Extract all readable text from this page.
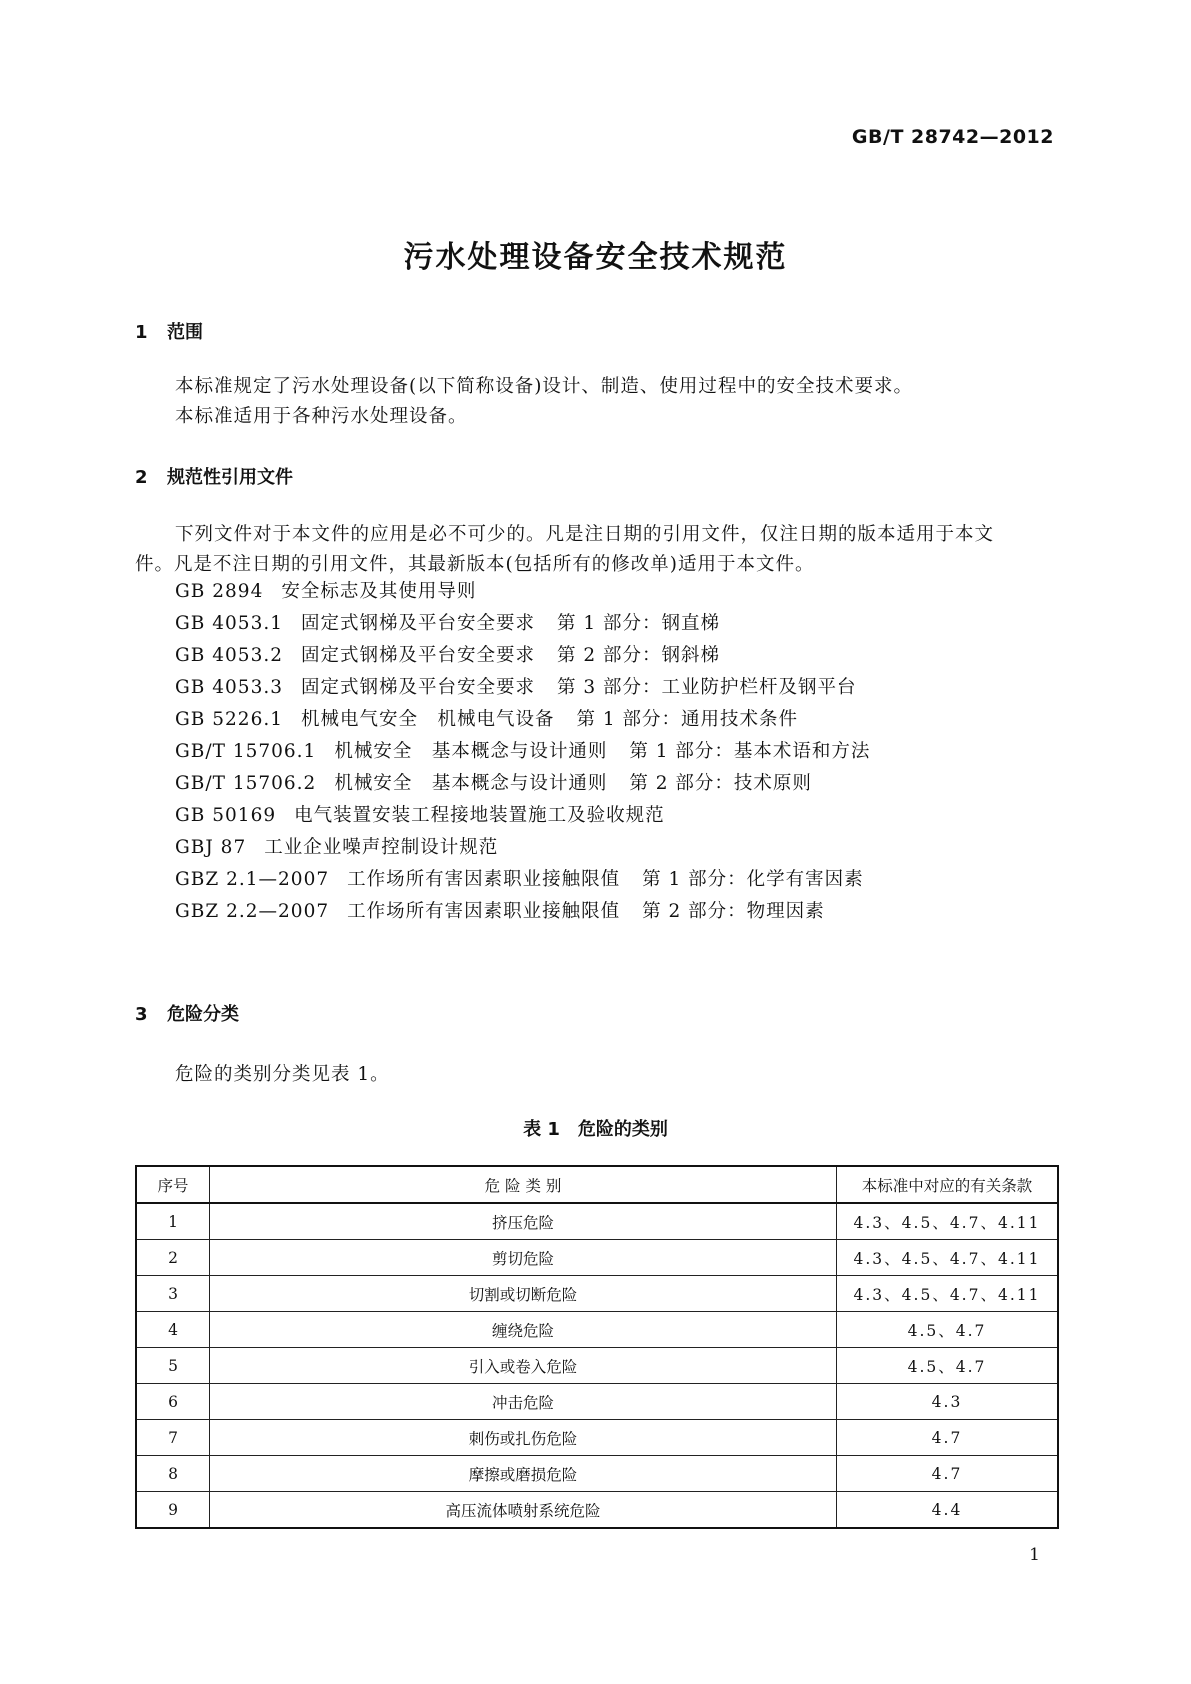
GB/T 28742—2012
污水处理设备安全技术规范
1 范围
本标准规定了污水处理设备(以下简称设备)设计、制造、使用过程中的安全技术要求。
本标准适用于各种污水处理设备。
2 规范性引用文件
下列文件对于本文件的应用是必不可少的。凡是注日期的引用文件，仅注日期的版本适用于本文
件。凡是不注日期的引用文件，其最新版本(包括所有的修改单)适用于本文件。
GB 2894 安全标志及其使用导则
GB 4053.1 固定式钢梯及平台安全要求 第 1 部分：钢直梯
GB 4053.2 固定式钢梯及平台安全要求 第 2 部分：钢斜梯
GB 4053.3 固定式钢梯及平台安全要求 第 3 部分：工业防护栏杆及钢平台
GB 5226.1 机械电气安全　机械电气设备 第 1 部分：通用技术条件
GB/T 15706.1 机械安全　基本概念与设计通则 第 1 部分：基本术语和方法
GB/T 15706.2 机械安全　基本概念与设计通则 第 2 部分：技术原则
GB 50169 电气装置安装工程接地装置施工及验收规范
GBJ 87 工业企业噪声控制设计规范
GBZ 2.1—2007 工作场所有害因素职业接触限值 第 1 部分：化学有害因素
GBZ 2.2—2007 工作场所有害因素职业接触限值 第 2 部分：物理因素
3 危险分类
危险的类别分类见表 1。
表 1　危险的类别
序号	危 险 类 别	本标准中对应的有关条款
1	挤压危险	4.3、4.5、4.7、4.11
2	剪切危险	4.3、4.5、4.7、4.11
3	切割或切断危险	4.3、4.5、4.7、4.11
4	缠绕危险	4.5、4.7
5	引入或卷入危险	4.5、4.7
6	冲击危险	4.3
7	刺伤或扎伤危险	4.7
8	摩擦或磨损危险	4.7
9	高压流体喷射系统危险	4.4
1
